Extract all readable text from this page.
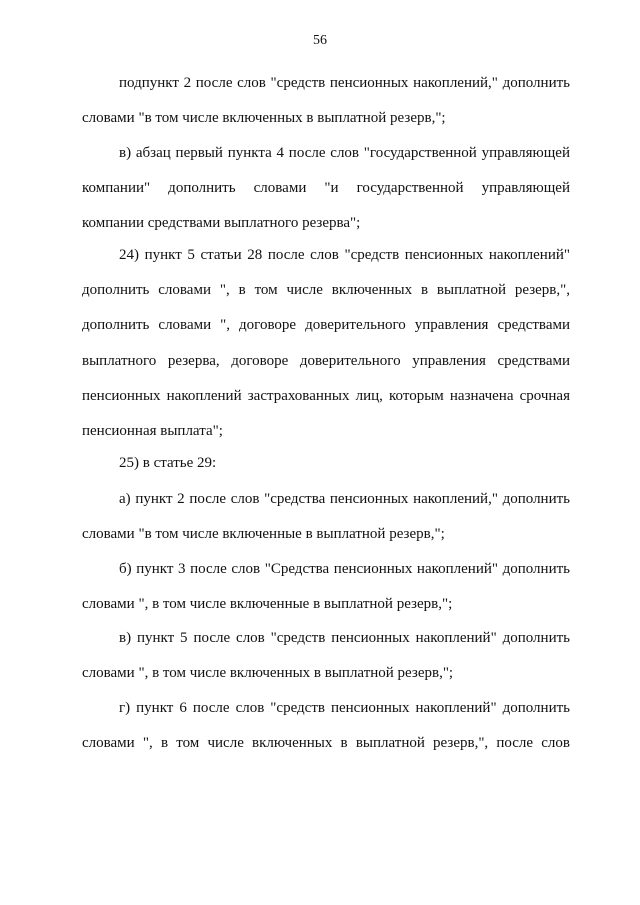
56

подпункт 2 после слов "средств пенсионных накоплений," дополнить
словами "в том числе включенных в выплатной резерв,";

в) абзац первый пункта 4 после слов "государственной управляющей
компании" дополнить словами "и государственной управляющей
компании средствами выплатного резерва";

24) пункт 5 статьи 28 после слов "средств пенсионных накоплений"
дополнить словами ", в том числе включенных в выплатной резерв,",
дополнить словами ", договоре доверительного управления средствами
выплатного резерва, договоре доверительного управления средствами
пенсионных накоплений застрахованных лиц, которым назначена срочная
пенсионная выплата";

25) в статье 29:

а) пункт 2 после слов "средства пенсионных накоплений," дополнить
словами "в том числе включенные в выплатной резерв,";

б) пункт 3 после слов "Средства пенсионных накоплений" дополнить
словами ", в том числе включенные в выплатной резерв,";

в) пункт 5 после слов "средств пенсионных накоплений" дополнить
словами ", в том числе включенных в выплатной резерв,";

г) пункт 6 после слов "средств пенсионных накоплений" дополнить
словами ", в том числе включенных в выплатной резерв,", после слов
